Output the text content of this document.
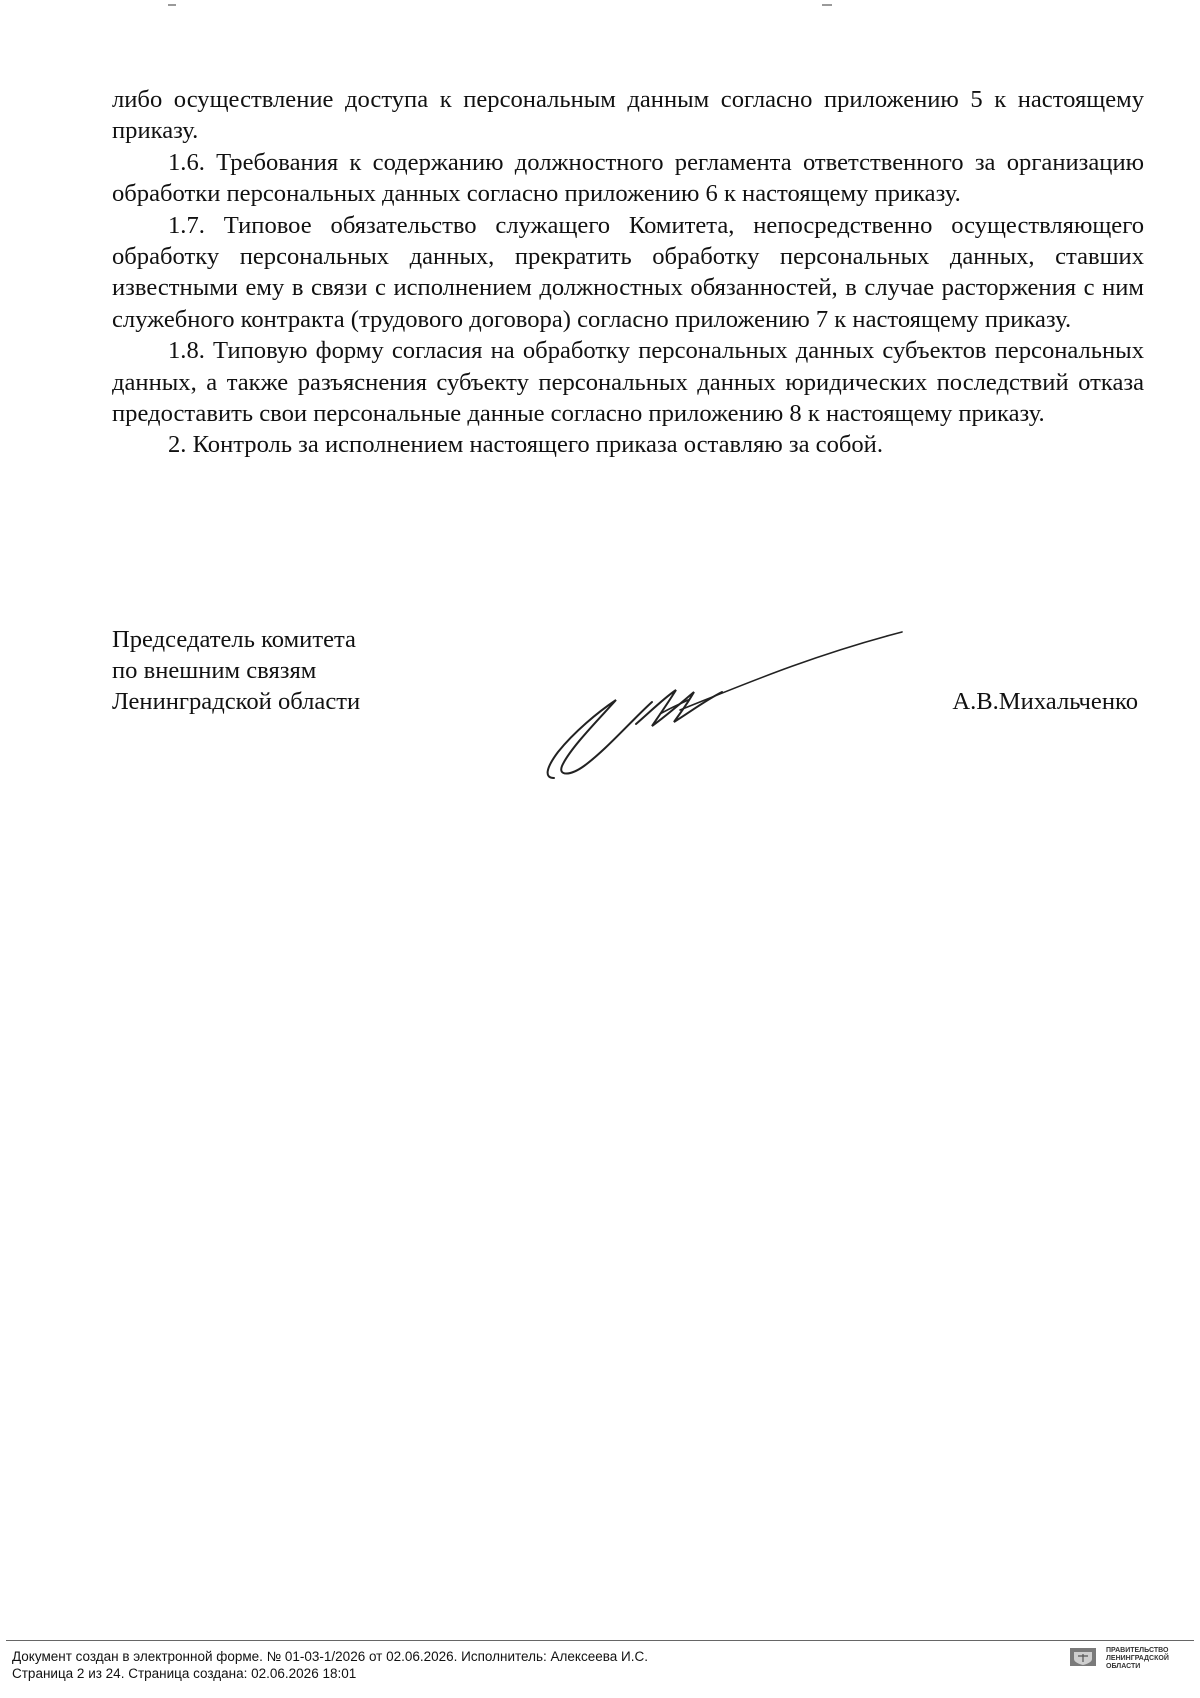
либо осуществление доступа к персональным данным согласно приложению 5 к настоящему приказу.

1.6. Требования к содержанию должностного регламента ответственного за организацию обработки персональных данных согласно приложению 6 к настоящему приказу.

1.7. Типовое обязательство служащего Комитета, непосредственно осуществляющего обработку персональных данных, прекратить обработку персональных данных, ставших известными ему в связи с исполнением должностных обязанностей, в случае расторжения с ним служебного контракта (трудового договора) согласно приложению 7 к настоящему приказу.

1.8. Типовую форму согласия на обработку персональных данных субъектов персональных данных, а также разъяснения субъекту персональных данных юридических последствий отказа предоставить свои персональные данные согласно приложению 8 к настоящему приказу.

2. Контроль за исполнением настоящего приказа оставляю за собой.

Председатель комитета
по внешним связям
Ленинградской области	А.В.Михальченко
Документ создан в электронной форме. № 01-03-1/2026 от 02.06.2026. Исполнитель: Алексеева И.С.
Страница 2 из 24. Страница создана: 02.06.2026 18:01
ПРАВИТЕЛЬСТВО
ЛЕНИНГРАДСКОЙ
ОБЛАСТИ
